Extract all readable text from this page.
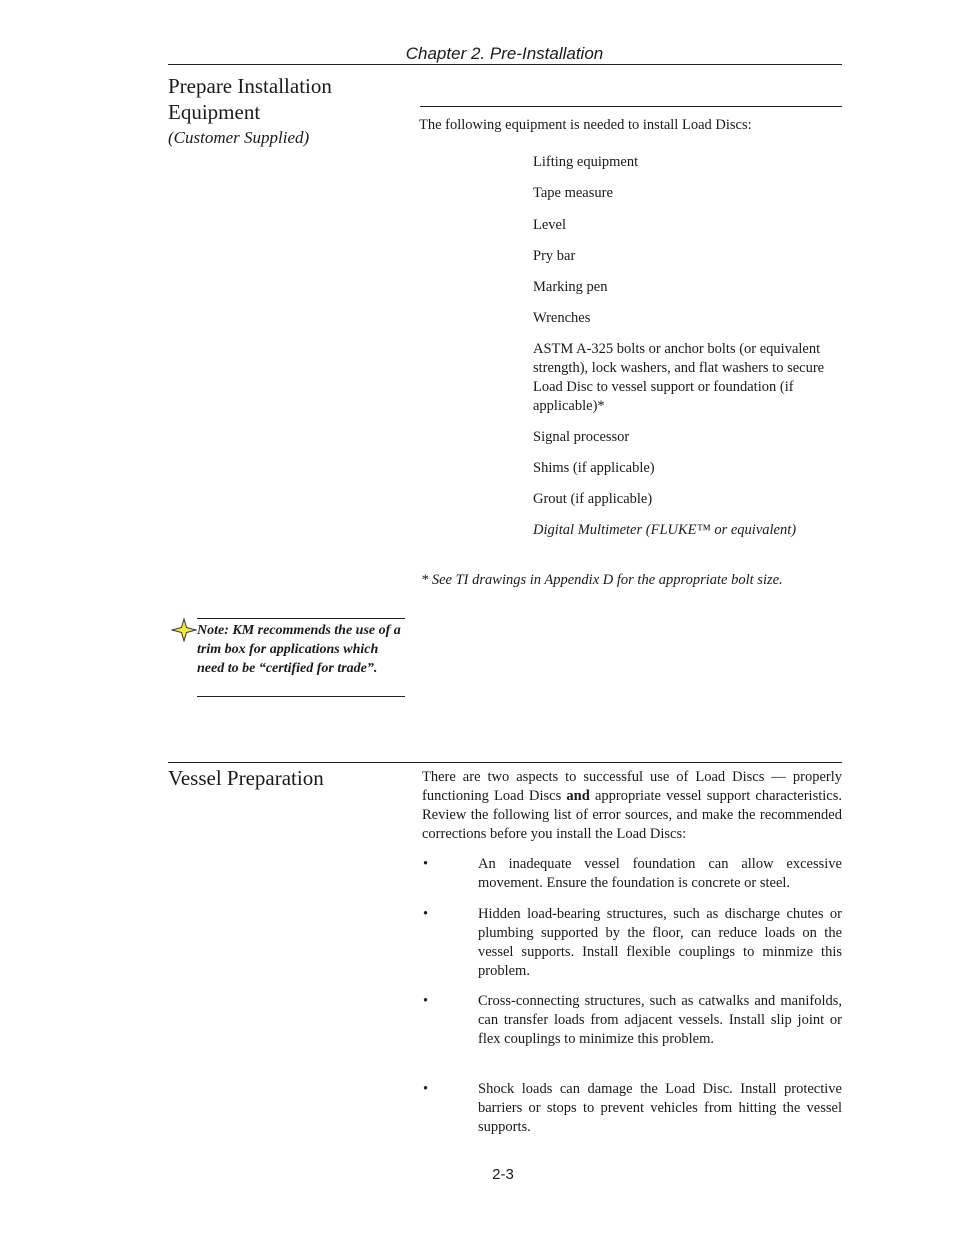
Chapter 2. Pre-Installation
Prepare Installation
Equipment
(Customer Supplied)
The following equipment is needed to install Load Discs:
Lifting equipment
Tape measure
Level
Pry bar
Marking pen
Wrenches
ASTM A-325 bolts or anchor bolts (or equivalent strength), lock washers, and flat washers to secure Load Disc to vessel support or foundation (if applicable)*
Signal processor
Shims (if applicable)
Grout (if applicable)
Digital Multimeter (FLUKE™ or equivalent)
* See TI drawings in Appendix D for the appropriate bolt size.
Note: KM recommends the use of a trim box for applications which need to be “certified for trade”.
Vessel Preparation	There are two aspects to successful use of Load Discs — properly functioning Load Discs and appropriate vessel support characteristics. Review the following list of error sources, and make the recommended corrections before you install the Load Discs:
•	An inadequate vessel foundation can allow excessive movement. Ensure the foundation is concrete or steel.
•	Hidden load-bearing structures, such as discharge chutes or plumbing supported by the floor, can reduce loads on the vessel supports. Install flexible couplings to minmize this problem.
•	Cross-connecting structures, such as catwalks and manifolds, can transfer loads from adjacent vessels. Install slip joint or flex couplings to minimize this problem.
•	Shock loads can damage the Load Disc. Install protective barriers or stops to prevent vehicles from hitting the vessel supports.
2-3
